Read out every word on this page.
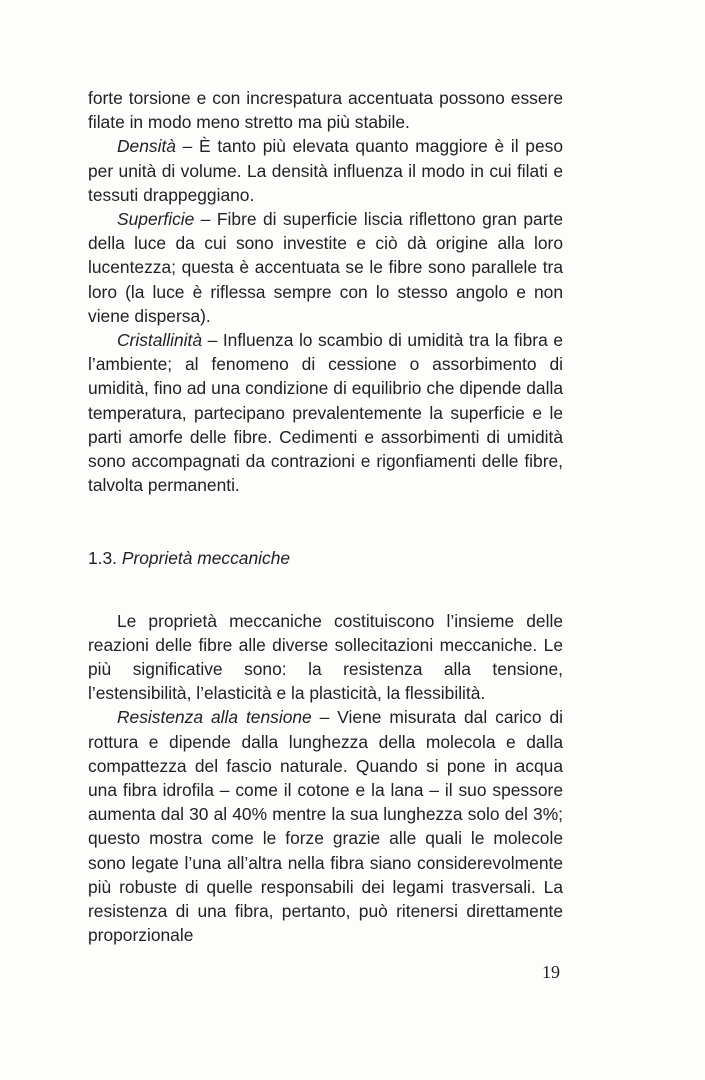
forte torsione e con increspatura accentuata possono essere filate in modo meno stretto ma più stabile.

Densità – È tanto più elevata quanto maggiore è il peso per unità di volume. La densità influenza il modo in cui filati e tessuti drappeggiano.

Superficie – Fibre di superficie liscia riflettono gran parte della luce da cui sono investite e ciò dà origine alla loro lucentezza; questa è accentuata se le fibre sono parallele tra loro (la luce è riflessa sempre con lo stesso angolo e non viene dispersa).

Cristallinità – Influenza lo scambio di umidità tra la fibra e l’ambiente; al fenomeno di cessione o assorbimento di umidità, fino ad una condizione di equilibrio che dipende dalla temperatura, partecipano prevalentemente la superficie e le parti amorfe delle fibre. Cedimenti e assorbimenti di umidità sono accompagnati da contrazioni e rigonfiamenti delle fibre, talvolta permanenti.

1.3. Proprietà meccaniche

Le proprietà meccaniche costituiscono l’insieme delle reazioni delle fibre alle diverse sollecitazioni meccaniche. Le più significative sono: la resistenza alla tensione, l’estensibilità, l’elasticità e la plasticità, la flessibilità.

Resistenza alla tensione – Viene misurata dal carico di rottura e dipende dalla lunghezza della molecola e dalla compattezza del fascio naturale. Quando si pone in acqua una fibra idrofila – come il cotone e la lana – il suo spessore aumenta dal 30 al 40% mentre la sua lunghezza solo del 3%; questo mostra come le forze grazie alle quali le molecole sono legate l’una all’altra nella fibra siano considerevolmente più robuste di quelle responsabili dei legami trasversali. La resistenza di una fibra, pertanto, può ritenersi direttamente proporzionale

19
